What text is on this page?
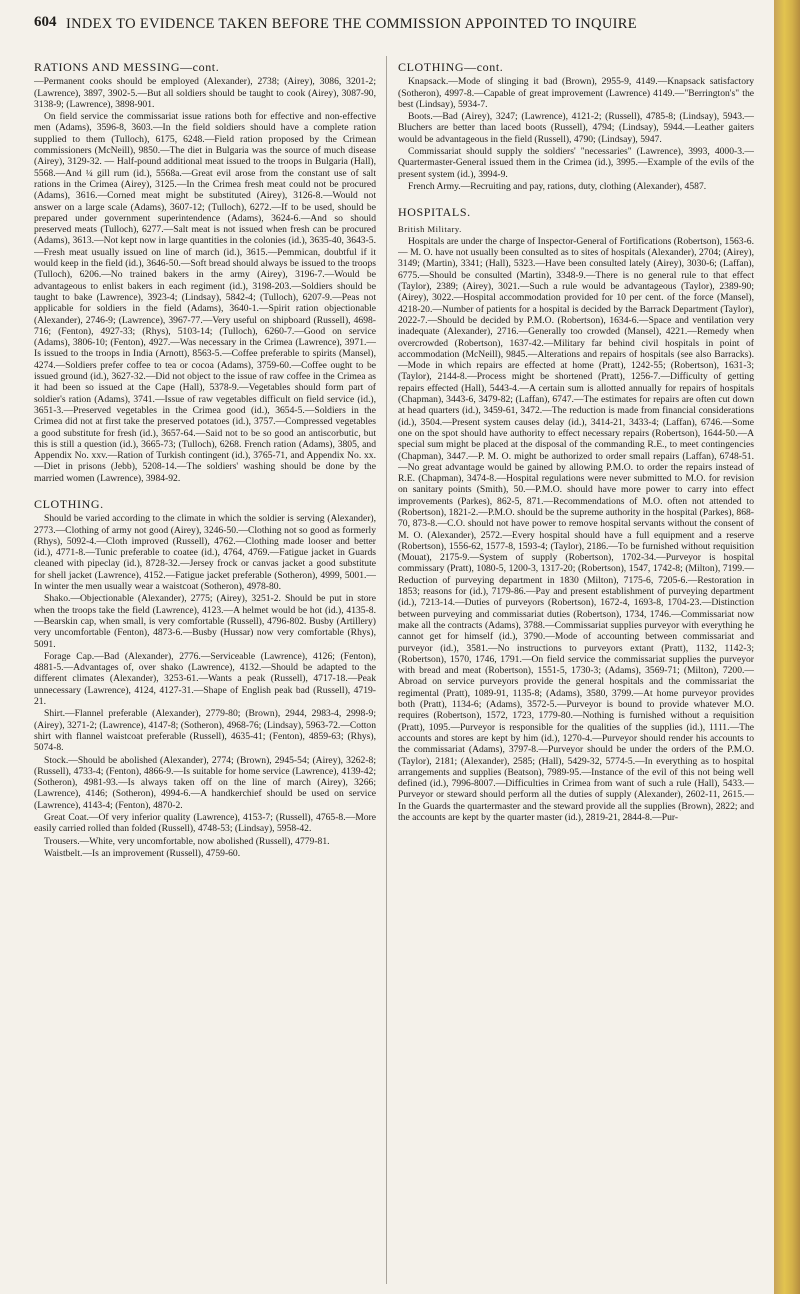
604 INDEX TO EVIDENCE TAKEN BEFORE THE COMMISSION APPOINTED TO INQUIRE
RATIONS AND MESSING—cont.

—Permanent cooks should be employed (Alexander), 2738; (Airey), 3086, 3201-2; (Lawrence), 3897, 3902-5.—But all soldiers should be taught to cook (Airey), 3087-90, 3138-9; (Lawrence), 3898-901.

On field service the commissariat issue rations both for effective and non-effective men (Adams), 3596-8, 3603.—In the field soldiers should have a complete ration supplied to them (Tulloch), 6175, 6248.—Field ration proposed by the Crimean commissioners (McNeill), 9850.—The diet in Bulgaria was the source of much disease (Airey), 3129-32. — Half-pound additional meat issued to the troops in Bulgaria (Hall), 5568.—And ¼ gill rum (id.), 5568a.—Great evil arose from the constant use of salt rations in the Crimea (Airey), 3125.—In the Crimea fresh meat could not be procured (Adams), 3616.—Corned meat might be substituted (Airey), 3126-8.—Would not answer on a large scale (Adams), 3607-12; (Tulloch), 6272.—If to be used, should be prepared under government superintendence (Adams), 3624-6.—And so should preserved meats (Tulloch), 6277.—Salt meat is not issued when fresh can be procured (Adams), 3613.—Not kept now in large quantities in the colonies (id.), 3635-40, 3643-5.—Fresh meat usually issued on line of march (id.), 3615.—Pemmican, doubtful if it would keep in the field (id.), 3646-50.—Soft bread should always be issued to the troops (Tulloch), 6206.—No trained bakers in the army (Airey), 3196-7.—Would be advantageous to enlist bakers in each regiment (id.), 3198-203.—Soldiers should be taught to bake (Lawrence), 3923-4; (Lindsay), 5842-4; (Tulloch), 6207-9.—Peas not applicable for soldiers in the field (Adams), 3640-1.—Spirit ration objectionable (Alexander), 2746-9; (Lawrence), 3967-77.—Very useful on shipboard (Russell), 4698-716; (Fenton), 4927-33; (Rhys), 5103-14; (Tulloch), 6260-7.—Good on service (Adams), 3806-10; (Fenton), 4927.—Was necessary in the Crimea (Lawrence), 3971.—Is issued to the troops in India (Arnott), 8563-5.—Coffee preferable to spirits (Mansel), 4274.—Soldiers prefer coffee to tea or cocoa (Adams), 3759-60.—Coffee ought to be issued ground (id.), 3627-32.—Did not object to the issue of raw coffee in the Crimea as it had been so issued at the Cape (Hall), 5378-9.—Vegetables should form part of soldier's ration (Adams), 3741.—Issue of raw vegetables difficult on field service (id.), 3651-3.—Preserved vegetables in the Crimea good (id.), 3654-5.—Soldiers in the Crimea did not at first take the preserved potatoes (id.), 3757.—Compressed vegetables a good substitute for fresh (id.), 3657-64.—Said not to be so good an antiscorbutic, but this is still a question (id.), 3665-73; (Tulloch), 6268. French ration (Adams), 3805, and Appendix No. xxv.—Ration of Turkish contingent (id.), 3765-71, and Appendix No. xx.—Diet in prisons (Jebb), 5208-14.—The soldiers' washing should be done by the married women (Lawrence), 3984-92.

CLOTHING.

Should be varied according to the climate in which the soldier is serving (Alexander), 2773.—Clothing of army not good (Airey), 3246-50.—Clothing not so good as formerly (Rhys), 5092-4.—Cloth improved (Russell), 4762.—Clothing made looser and better (id.), 4771-8.—Tunic preferable to coatee (id.), 4764, 4769.—Fatigue jacket in Guards cleaned with pipeclay (id.), 8728-32.—Jersey frock or canvas jacket a good substitute for shell jacket (Lawrence), 4152.—Fatigue jacket preferable (Sotheron), 4999, 5001.—In winter the men usually wear a waistcoat (Sotheron), 4978-80.

Shako.—Objectionable (Alexander), 2775; (Airey), 3251-2. Should be put in store when the troops take the field (Lawrence), 4123.—A helmet would be hot (id.), 4135-8.—Bearskin cap, when small, is very comfortable (Russell), 4796-802. Busby (Artillery) very uncomfortable (Fenton), 4873-6.—Busby (Hussar) now very comfortable (Rhys), 5091.

Forage Cap.—Bad (Alexander), 2776.—Serviceable (Lawrence), 4126; (Fenton), 4881-5.—Advantages of, over shako (Lawrence), 4132.—Should be adapted to the different climates (Alexander), 3253-61.—Wants a peak (Russell), 4717-18.—Peak unnecessary (Lawrence), 4124, 4127-31.—Shape of English peak bad (Russell), 4719-21.

Shirt.—Flannel preferable (Alexander), 2779-80; (Brown), 2944, 2983-4, 2998-9; (Airey), 3271-2; (Lawrence), 4147-8; (Sotheron), 4968-76; (Lindsay), 5963-72.—Cotton shirt with flannel waistcoat preferable (Russell), 4635-41; (Fenton), 4859-63; (Rhys), 5074-8.

Stock.—Should be abolished (Alexander), 2774; (Brown), 2945-54; (Airey), 3262-8; (Russell), 4733-4; (Fenton), 4866-9.—Is suitable for home service (Lawrence), 4139-42; (Sotheron), 4981-93.—Is always taken off on the line of march (Airey), 3266; (Lawrence), 4146; (Sotheron), 4994-6.—A handkerchief should be used on service (Lawrence), 4143-4; (Fenton), 4870-2.

Great Coat.—Of very inferior quality (Lawrence), 4153-7; (Russell), 4765-8.—More easily carried rolled than folded (Russell), 4748-53; (Lindsay), 5958-42.

Trousers.—White, very uncomfortable, now abolished (Russell), 4779-81.

Waistbelt.—Is an improvement (Russell), 4759-60.

CLOTHING—cont.

Knapsack.—Mode of slinging it bad (Brown), 2955-9, 4149.—Knapsack satisfactory (Sotheron), 4997-8.—Capable of great improvement (Lawrence) 4149.—"Berrington's" the best (Lindsay), 5934-7.

Boots.—Bad (Airey), 3247; (Lawrence), 4121-2; (Russell), 4785-8; (Lindsay), 5943.—Bluchers are better than laced boots (Russell), 4794; (Lindsay), 5944.—Leather gaiters would be advantageous in the field (Russell), 4790; (Lindsay), 5947.

Commissariat should supply the soldiers' "necessaries" (Lawrence), 3993, 4000-3.—Quartermaster-General issued them in the Crimea (id.), 3995.—Example of the evils of the present system (id.), 3994-9.

French Army.—Recruiting and pay, rations, duty, clothing (Alexander), 4587.

HOSPITALS.
British Military.

Hospitals are under the charge of Inspector-General of Fortifications (Robertson), 1563-6. — M. O. have not usually been consulted as to sites of hospitals (Alexander), 2704; (Airey), 3149; (Martin), 3341; (Hall), 5323.—Have been consulted lately (Airey), 3030-6; (Laffan), 6775.—Should be consulted (Martin), 3348-9.—There is no general rule to that effect (Taylor), 2389; (Airey), 3021.—Such a rule would be advantageous (Taylor), 2389-90; (Airey), 3022.—Hospital accommodation provided for 10 per cent. of the force (Mansel), 4218-20.—Number of patients for a hospital is decided by the Barrack Department (Taylor), 2022-7.—Should be decided by P.M.O. (Robertson), 1634-6.—Space and ventilation very inadequate (Alexander), 2716.—Generally too crowded (Mansel), 4221.—Remedy when overcrowded (Robertson), 1637-42.—Military far behind civil hospitals in point of accommodation (McNeill), 9845.—Alterations and repairs of hospitals (see also Barracks).—Mode in which repairs are effected at home (Pratt), 1242-55; (Robertson), 1631-3; (Taylor), 2144-8.—Process might be shortened (Pratt), 1256-7.—Difficulty of getting repairs effected (Hall), 5443-4.—A certain sum is allotted annually for repairs of hospitals (Chapman), 3443-6, 3479-82; (Laffan), 6747.—The estimates for repairs are often cut down at head quarters (id.), 3459-61, 3472.—The reduction is made from financial considerations (id.), 3504.—Present system causes delay (id.), 3414-21, 3433-4; (Laffan), 6746.—Some one on the spot should have authority to effect necessary repairs (Robertson), 1644-50.—A special sum might be placed at the disposal of the commanding R.E., to meet contingencies (Chapman), 3447.—P. M. O. might be authorized to order small repairs (Laffan), 6748-51.—No great advantage would be gained by allowing P.M.O. to order the repairs instead of R.E. (Chapman), 3474-8.—Hospital regulations were never submitted to M.O. for revision on sanitary points (Smith), 50.—P.M.O. should have more power to carry into effect improvements (Parkes), 862-5, 871.—Recommendations of M.O. often not attended to (Robertson), 1821-2.—P.M.O. should be the supreme authority in the hospital (Parkes), 868-70, 873-8.—C.O. should not have power to remove hospital servants without the consent of M. O. (Alexander), 2572.—Every hospital should have a full equipment and a reserve (Robertson), 1556-62, 1577-8, 1593-4; (Taylor), 2186.—To be furnished without requisition (Mouat), 2175-9.—System of supply (Robertson), 1702-34.—Purveyor is hospital commissary (Pratt), 1080-5, 1200-3, 1317-20; (Robertson), 1547, 1742-8; (Milton), 7199.—Reduction of purveying department in 1830 (Milton), 7175-6, 7205-6.—Restoration in 1853; reasons for (id.), 7179-86.—Pay and present establishment of purveying department (id.), 7213-14.—Duties of purveyors (Robertson), 1672-4, 1693-8, 1704-23.—Distinction between purveying and commissariat duties (Robertson), 1734, 1746.—Commissariat now make all the contracts (Adams), 3788.—Commissariat supplies purveyor with everything he cannot get for himself (id.), 3790.—Mode of accounting between commissariat and purveyor (id.), 3581.—No instructions to purveyors extant (Pratt), 1132, 1142-3; (Robertson), 1570, 1746, 1791.—On field service the commissariat supplies the purveyor with bread and meat (Robertson), 1551-5, 1730-3; (Adams), 3569-71; (Milton), 7200.—Abroad on service purveyors provide the general hospitals and the commissariat the regimental (Pratt), 1089-91, 1135-8; (Adams), 3580, 3799.—At home purveyor provides both (Pratt), 1134-6; (Adams), 3572-5.—Purveyor is bound to provide whatever M.O. requires (Robertson), 1572, 1723, 1779-80.—Nothing is furnished without a requisition (Pratt), 1095.—Purveyor is responsible for the qualities of the supplies (id.), 1111.—The accounts and stores are kept by him (id.), 1270-4.—Purveyor should render his accounts to the commissariat (Adams), 3797-8.—Purveyor should be under the orders of the P.M.O. (Taylor), 2181; (Alexander), 2585; (Hall), 5429-32, 5774-5.—In everything as to hospital arrangements and supplies (Beatson), 7989-95.—Instance of the evil of this not being well defined (id.), 7996-8007.—Difficulties in Crimea from want of such a rule (Hall), 5433.—Purveyor or steward should perform all the duties of supply (Alexander), 2602-11, 2615.—In the Guards the quartermaster and the steward provide all the supplies (Brown), 2822; and the accounts are kept by the quarter master (id.), 2819-21, 2844-8.—Pur-
